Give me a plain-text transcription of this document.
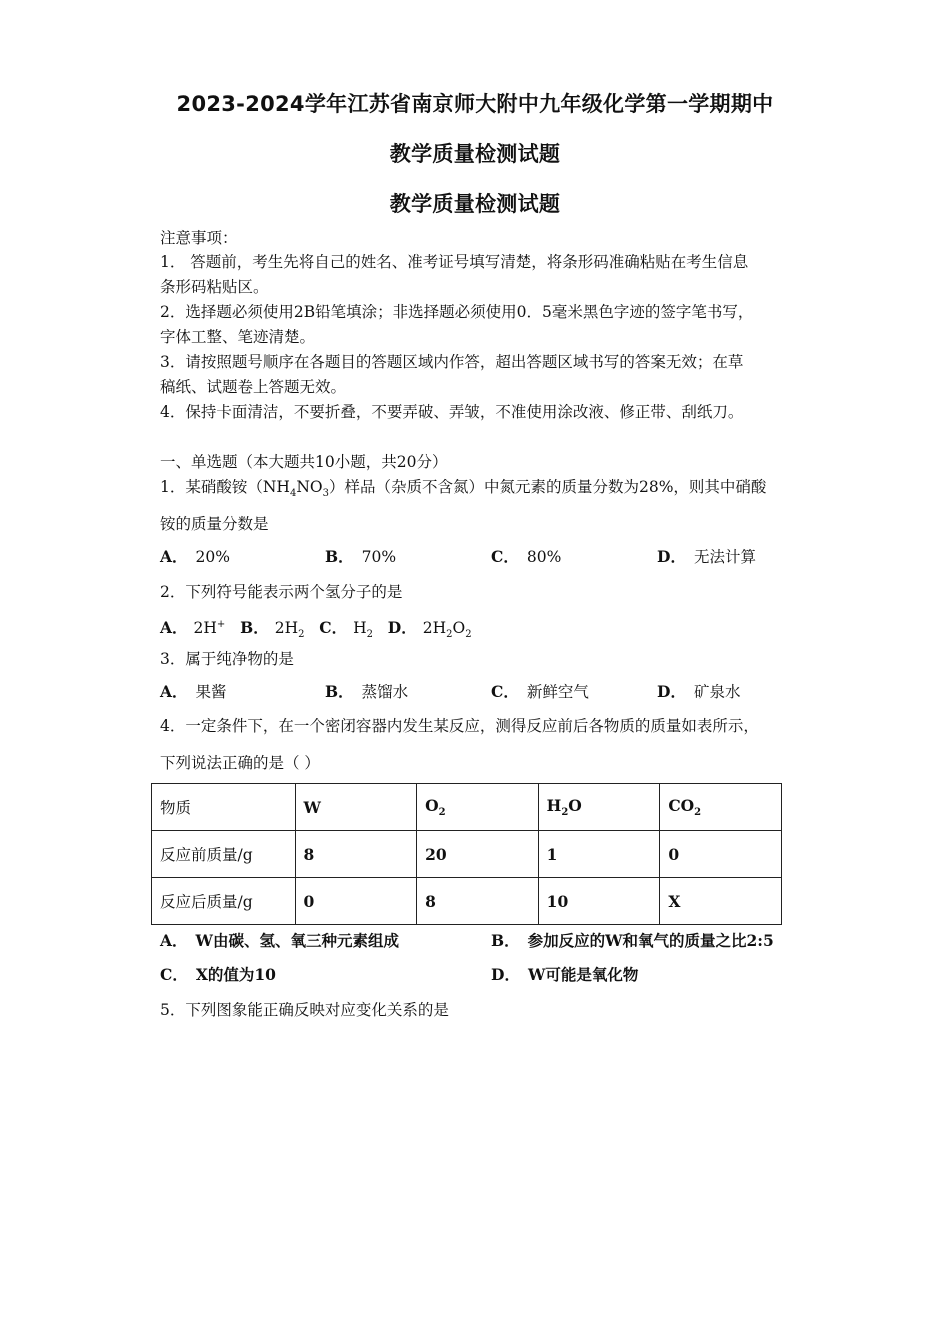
2023-2024学年江苏省南京师大附中九年级化学第一学期期中
教学质量检测试题
教学质量检测试题
注意事项：
1． 答题前，考生先将自己的姓名、准考证号填写清楚，将条形码准确粘贴在考生信息
条形码粘贴区。
2．选择题必须使用2B铅笔填涂；非选择题必须使用0．5毫米黑色字迹的签字笔书写，
字体工整、笔迹清楚。
3．请按照题号顺序在各题目的答题区域内作答，超出答题区域书写的答案无效；在草
稿纸、试题卷上答题无效。
4．保持卡面清洁，不要折叠，不要弄破、弄皱，不准使用涂改液、修正带、刮纸刀。
一、单选题（本大题共10小题，共20分）
1．某硝酸铵$(NH_4NO_3)$样品（杂质不含氮）中氮元素的质量分数为28%，则其中硝酸
铵的质量分数是
A． 20%	B． 70%	C． 80%	D． 无法计算
2．下列符号能表示两个氢分子的是
A． 2H+ B． $2H_2$ C． $H_2$ D． $2H_2O_2$
3．属于纯净物的是
A． 果酱	B． 蒸馏水	C． 新鲜空气	D． 矿泉水
4．一定条件下，在一个密闭容器内发生某反应，测得反应前后各物质的质量如表所示，
下列说法正确的是（ ）
物质	W	$O_2$	$H_2O$	$CO_2$
反应前质量/g	8	20	1	0
反应后质量/g	0	8	10	X
A． W由碳、氢、氧三种元素组成	B． 参加反应的W和氧气的质量之比2:5
C． X的值为10	D． W可能是氧化物
5．下列图象能正确反映对应变化关系的是
